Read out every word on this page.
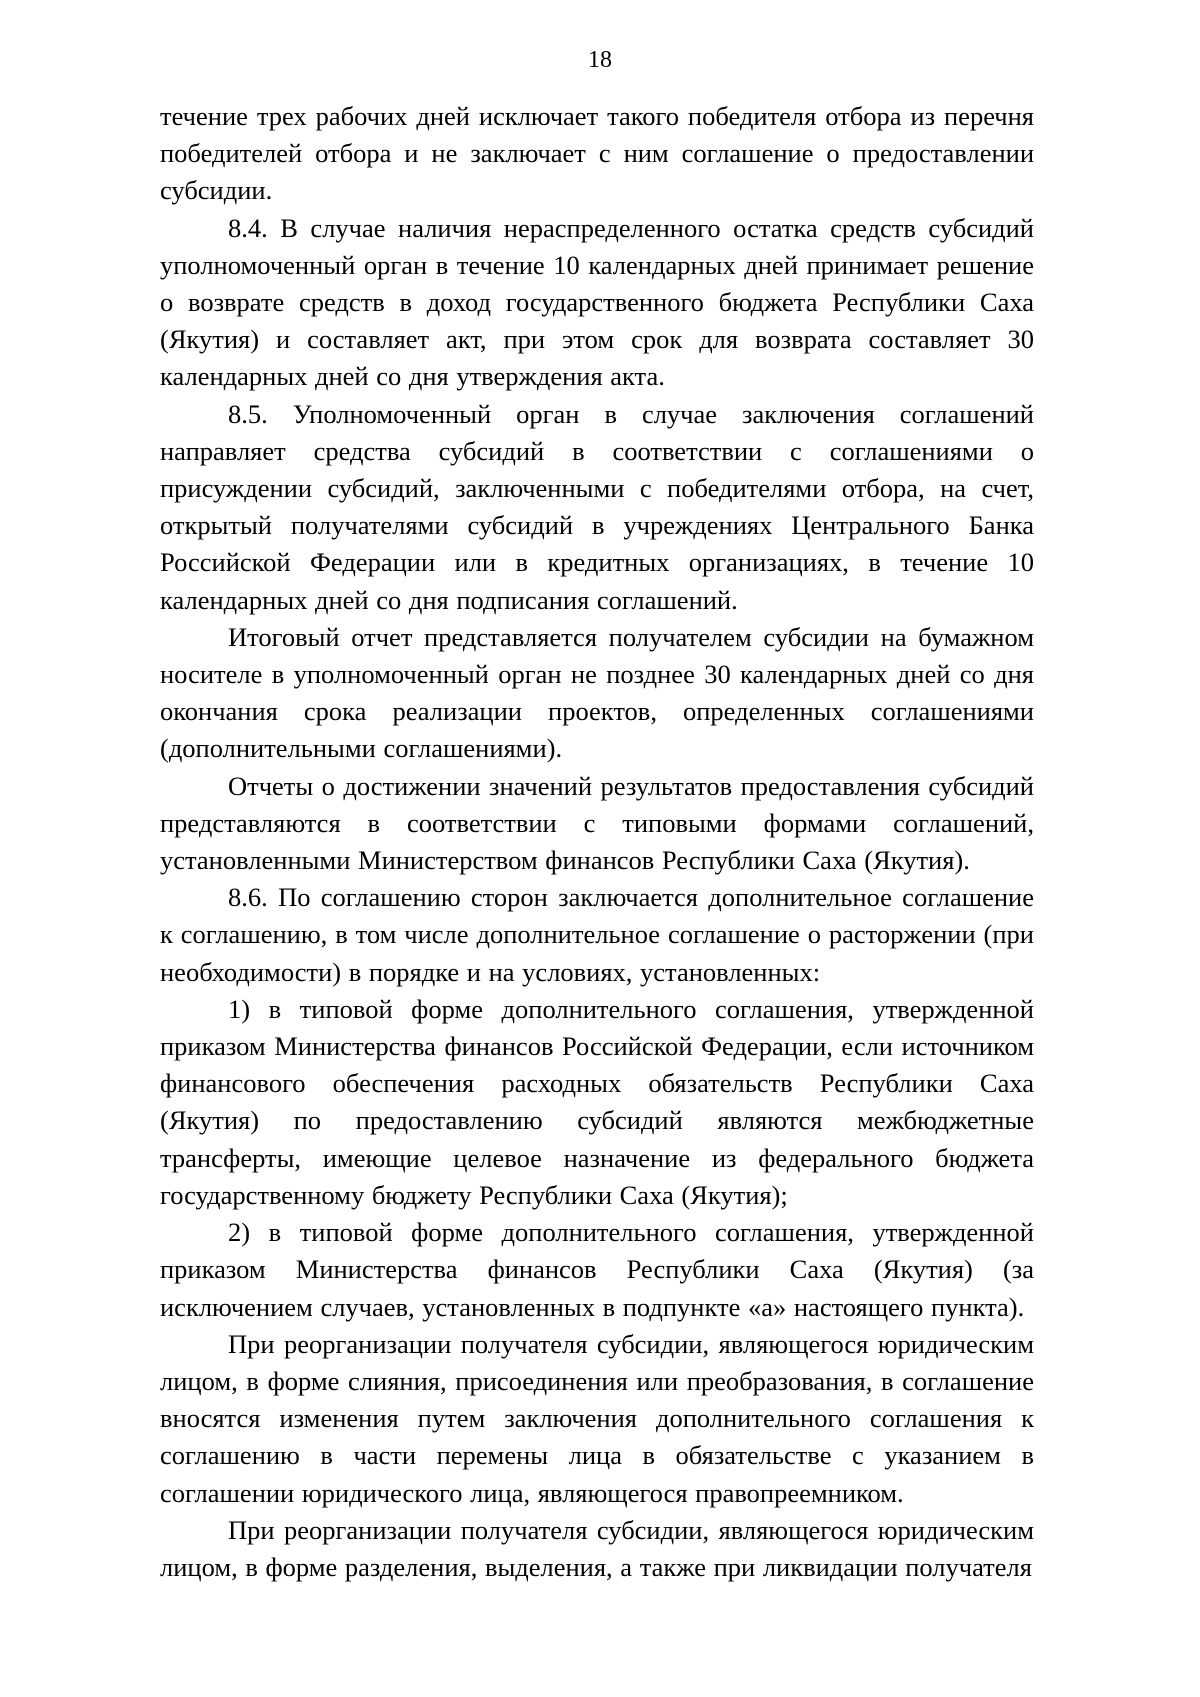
18

течение трех рабочих дней исключает такого победителя отбора из перечня победителей отбора и не заключает с ним соглашение о предоставлении субсидии.

8.4. В случае наличия нераспределенного остатка средств субсидий уполномоченный орган в течение 10 календарных дней принимает решение о возврате средств в доход государственного бюджета Республики Саха (Якутия) и составляет акт, при этом срок для возврата составляет 30 календарных дней со дня утверждения акта.

8.5. Уполномоченный орган в случае заключения соглашений направляет средства субсидий в соответствии с соглашениями о присуждении субсидий, заключенными с победителями отбора, на счет, открытый получателями субсидий в учреждениях Центрального Банка Российской Федерации или в кредитных организациях, в течение 10 календарных дней со дня подписания соглашений.

Итоговый отчет представляется получателем субсидии на бумажном носителе в уполномоченный орган не позднее 30 календарных дней со дня окончания срока реализации проектов, определенных соглашениями (дополнительными соглашениями).

Отчеты о достижении значений результатов предоставления субсидий представляются в соответствии с типовыми формами соглашений, установленными Министерством финансов Республики Саха (Якутия).

8.6. По соглашению сторон заключается дополнительное соглашение к соглашению, в том числе дополнительное соглашение о расторжении (при необходимости) в порядке и на условиях, установленных:

1) в типовой форме дополнительного соглашения, утвержденной приказом Министерства финансов Российской Федерации, если источником финансового обеспечения расходных обязательств Республики Саха (Якутия) по предоставлению субсидий являются межбюджетные трансферты, имеющие целевое назначение из федерального бюджета государственному бюджету Республики Саха (Якутия);

2) в типовой форме дополнительного соглашения, утвержденной приказом Министерства финансов Республики Саха (Якутия) (за исключением случаев, установленных в подпункте «а» настоящего пункта).

При реорганизации получателя субсидии, являющегося юридическим лицом, в форме слияния, присоединения или преобразования, в соглашение вносятся изменения путем заключения дополнительного соглашения к соглашению в части перемены лица в обязательстве с указанием в соглашении юридического лица, являющегося правопреемником.

При реорганизации получателя субсидии, являющегося юридическим лицом, в форме разделения, выделения, а также при ликвидации получателя
